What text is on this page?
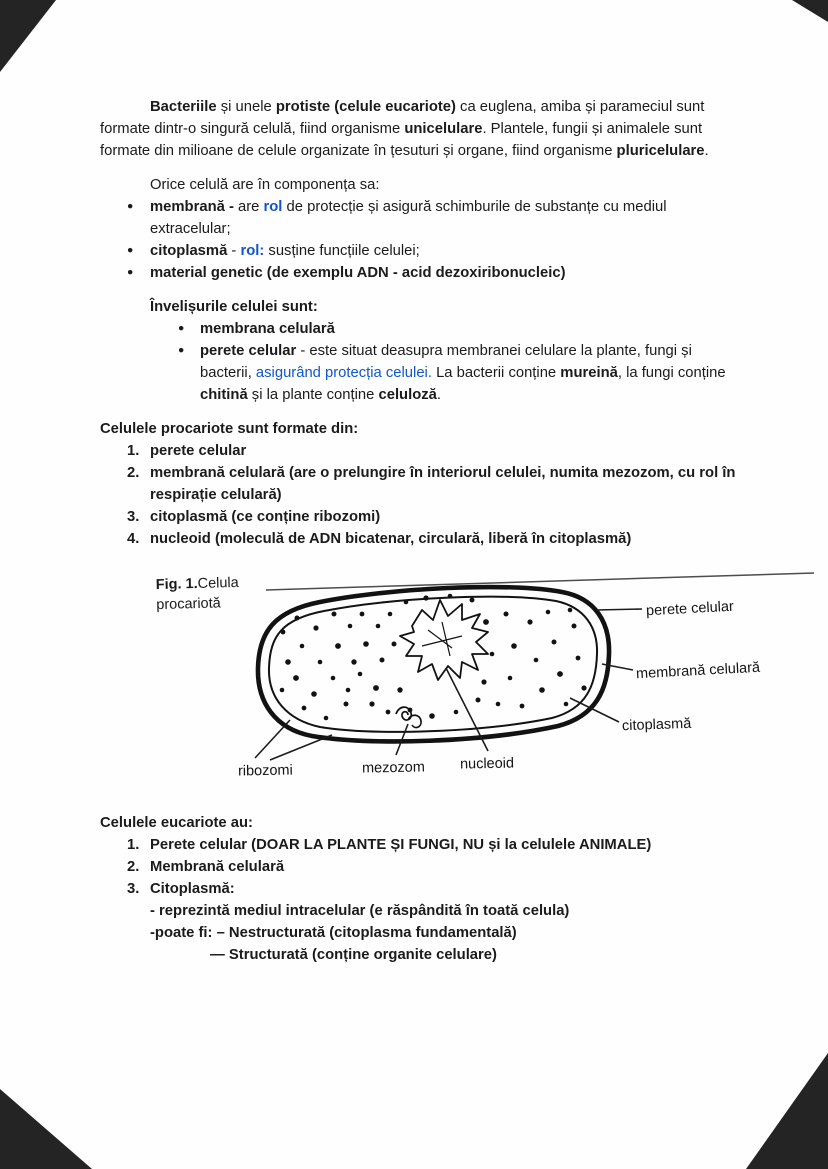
Bacteriile și unele protiste (celule eucariote) ca euglena, amiba și parameciul sunt formate dintr-o singură celulă, fiind organisme unicelulare. Plantele, fungii și animalele sunt formate din milioane de celule organizate în țesuturi și organe, fiind organisme pluricelulare.

Orice celulă are în componența sa:

● membrană - are rol de protecție și asigură schimburile de substanțe cu mediul extracelular;
● citoplasmă - rol: susține funcțiile celulei;
● material genetic (de exemplu ADN - acid dezoxiribonucleic)

Învelișurile celulei sunt:

● membrana celulară
● perete celular - este situat deasupra membranei celulare la plante, fungi și bacterii, asigurând protecția celulei. La bacterii conține mureină, la fungi conține chitină și la plante conține celuloză.

Celulele procariote sunt formate din:

1. perete celular
2. membrană celulară (are o prelungire în interiorul celulei, numita mezozom, cu rol în respirație celulară)
3. citoplasmă (ce conține ribozomi)
4. nucleoid (moleculă de ADN bicatenar, circulară, liberă în citoplasmă)
Fig. 1.Celula
procariotă	perete celular
membrană celulară
citoplasmă
ribozomi	mezozom nucleoid

Celulele eucariote au:

1. Perete celular (DOAR LA PLANTE ȘI FUNGI, NU și la celulele ANIMALE)
2. Membrană celulară
3. Citoplasmă:
- reprezintă mediul intracelular (e răspândită în toată celula)
-poate fi: – Nestructurată (citoplasma fundamentală)
— Structurată (conține organite celulare)
